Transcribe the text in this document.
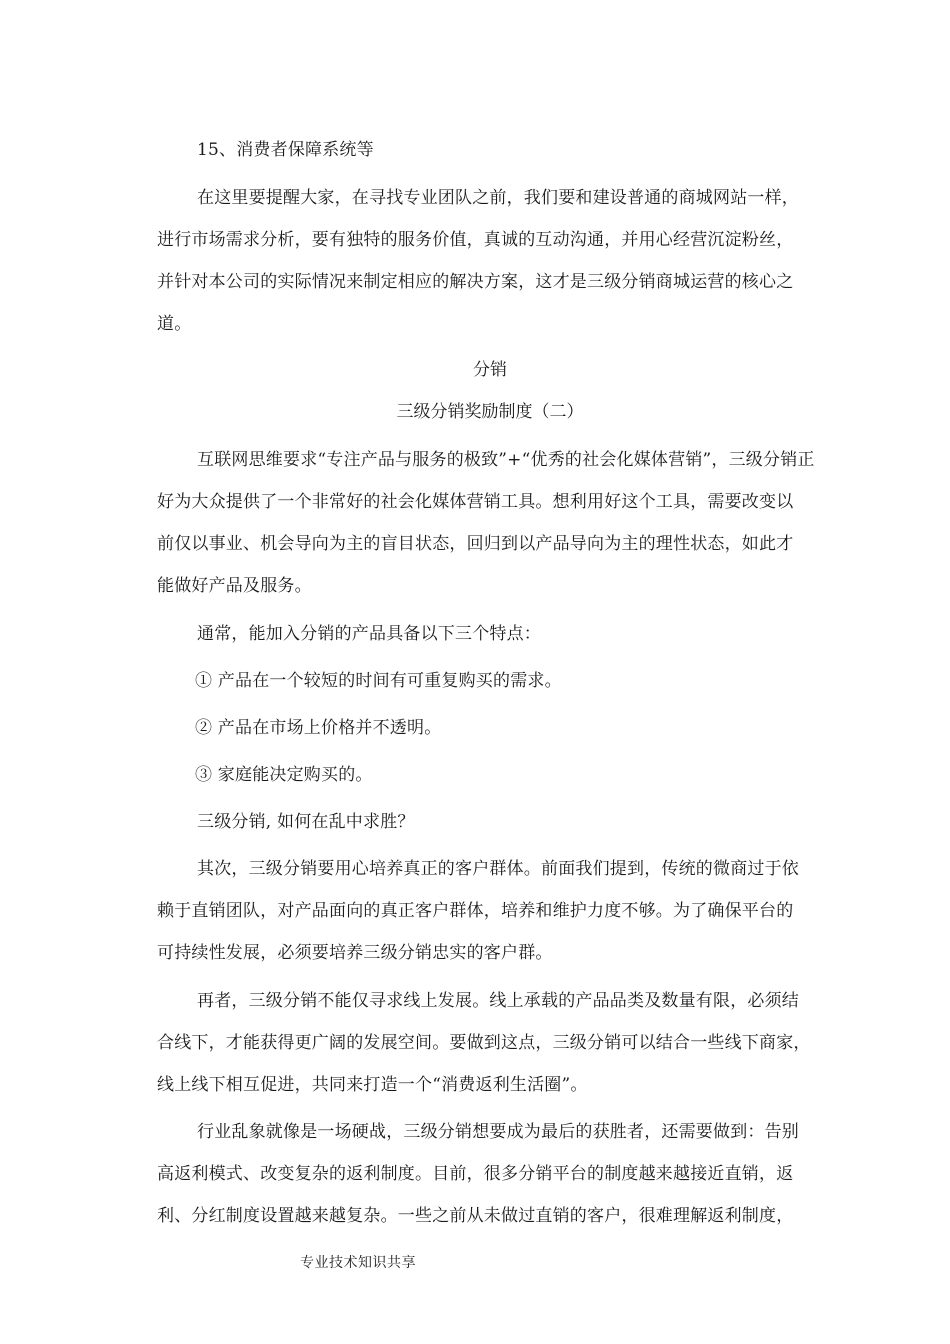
15、消费者保障系统等
在这里要提醒大家，在寻找专业团队之前，我们要和建设普通的商城网站一样，
进行市场需求分析，要有独特的服务价值，真诚的互动沟通，并用心经营沉淀粉丝，
并针对本公司的实际情况来制定相应的解决方案，这才是三级分销商城运营的核心之
道。
分销
三级分销奖励制度（二）
互联网思维要求“专注产品与服务的极致”+“优秀的社会化媒体营销”，三级分销正
好为大众提供了一个非常好的社会化媒体营销工具。想利用好这个工具，需要改变以
前仅以事业、机会导向为主的盲目状态，回归到以产品导向为主的理性状态，如此才
能做好产品及服务。
通常，能加入分销的产品具备以下三个特点：
① 产品在一个较短的时间有可重复购买的需求。
② 产品在市场上价格并不透明。
③ 家庭能决定购买的。
三级分销, 如何在乱中求胜？
其次，三级分销要用心培养真正的客户群体。前面我们提到，传统的微商过于依
赖于直销团队，对产品面向的真正客户群体，培养和维护力度不够。为了确保平台的
可持续性发展，必须要培养三级分销忠实的客户群。
再者，三级分销不能仅寻求线上发展。线上承载的产品品类及数量有限，必须结
合线下，才能获得更广阔的发展空间。要做到这点，三级分销可以结合一些线下商家，
线上线下相互促进，共同来打造一个“消费返利生活圈”。
行业乱象就像是一场硬战，三级分销想要成为最后的获胜者，还需要做到：告别
高返利模式、改变复杂的返利制度。目前，很多分销平台的制度越来越接近直销，返
利、分红制度设置越来越复杂。一些之前从未做过直销的客户，很难理解返利制度，
专业技术知识共享
